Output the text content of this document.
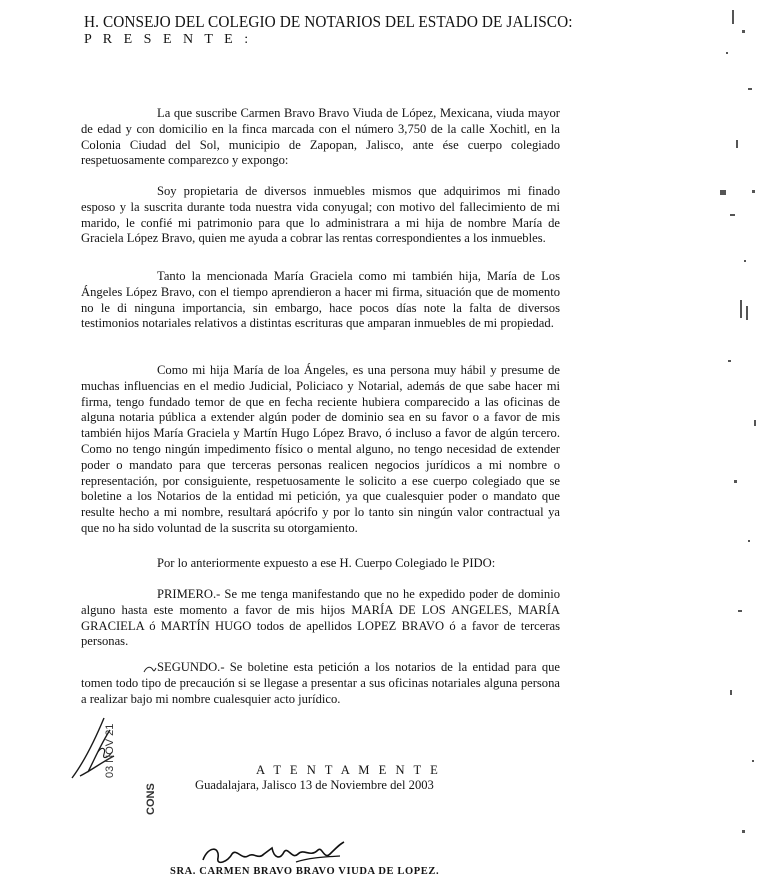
H. CONSEJO DEL COLEGIO DE NOTARIOS DEL ESTADO DE JALISCO:
P R E S E N T E :

La que suscribe Carmen Bravo Bravo Viuda de López, Mexicana, viuda mayor de edad y con domicilio en la finca marcada con el número 3,750 de la calle Xochitl, en la Colonia Ciudad del Sol, municipio de Zapopan, Jalisco, ante ése cuerpo colegiado respetuosamente comparezco y expongo:

Soy propietaria de diversos inmuebles mismos que adquirimos mi finado esposo y la suscrita durante toda nuestra vida conyugal; con motivo del fallecimiento de mi marido, le confié mi patrimonio para que lo administrara a mi hija de nombre María de Graciela López Bravo, quien me ayuda a cobrar las rentas correspondientes a los inmuebles.

Tanto la mencionada María Graciela como mi también hija, María de Los Ángeles López Bravo, con el tiempo aprendieron a hacer mi firma, situación que de momento no le di ninguna importancia, sin embargo, hace pocos días note la falta de diversos testimonios notariales relativos a distintas escrituras que amparan inmuebles de mi propiedad.

Como mi hija María de loa Ángeles, es una persona muy hábil y presume de muchas influencias en el medio Judicial, Policiaco y Notarial, además de que sabe hacer mi firma, tengo fundado temor de que en fecha reciente hubiera comparecido a las oficinas de alguna notaria pública a extender algún poder de dominio sea en su favor o a favor de mis también hijos María Graciela y Martín Hugo López Bravo, ó incluso a favor de algún tercero. Como no tengo ningún impedimento físico o mental alguno, no tengo necesidad de extender poder o mandato para que terceras personas realicen negocios jurídicos a mi nombre o representación, por consiguiente, respetuosamente le solicito a ese cuerpo colegiado que se boletine a los Notarios de la entidad mi petición, ya que cualesquier poder o mandato que resulte hecho a mi nombre, resultará apócrifo y por lo tanto sin ningún valor contractual ya que no ha sido voluntad de la suscrita su otorgamiento.

Por lo anteriormente expuesto a ese H. Cuerpo Colegiado le PIDO:

PRIMERO.- Se me tenga manifestando que no he expedido poder de dominio alguno hasta este momento a favor de mis hijos MARÍA DE LOS ANGELES, MARÍA GRACIELA ó MARTÍN HUGO todos de apellidos LOPEZ BRAVO ó a favor de terceras personas.

SEGUNDO.- Se boletine esta petición a los notarios de la entidad para que tomen todo tipo de precaución si se llegase a presentar a sus oficinas notariales alguna persona a realizar bajo mi nombre cualesquier acto jurídico.

A T E N T A M E N T E
Guadalajara, Jalisco 13 de Noviembre del 2003
SRA. CARMEN BRAVO BRAVO VIUDA DE LOPEZ.
03 NOV 21
CONS
